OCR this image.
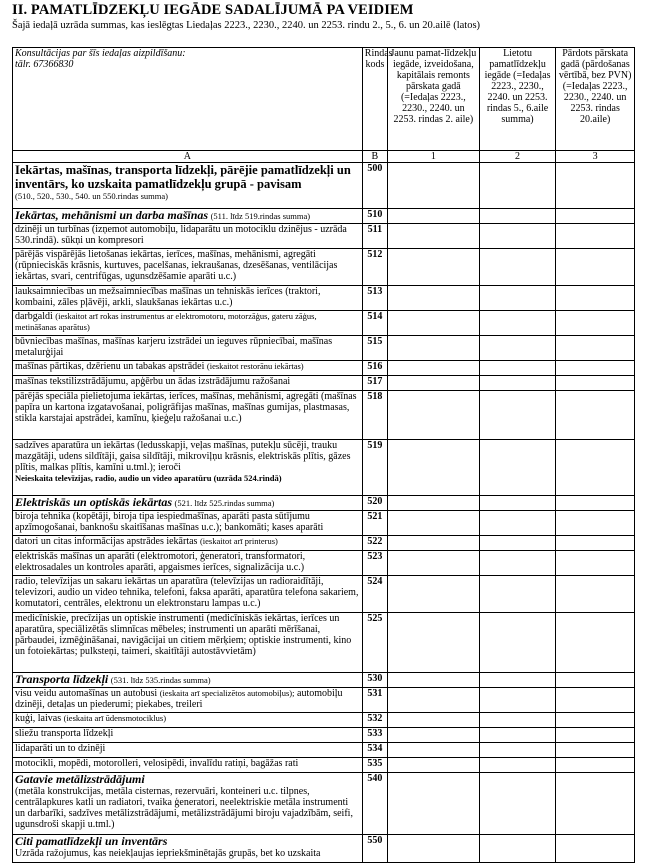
II. PAMATLĪDZEKĻU IEGĀDE SADALĪJUMĀ PA VEIDIEM
Šajā iedaļā uzrāda summas, kas ieslēgtas Liedaļas 2223., 2230., 2240. un 2253. rindu 2., 5., 6. un 20.ailē (latos)
Konsultācijas par šīs iedaļas aizpildīšanu:
tālr. 67366830	Rindas kods	Jaunu pamat-līdzekļu iegāde, izveidošana, kapitālais remonts pārskata gadā (=Iedaļas 2223., 2230., 2240. un 2253. rindas 2. aile)	Lietotu pamatlīdzekļu iegāde (=Iedaļas 2223., 2230., 2240. un 2253. rindas 5., 6.aile summa)	Pārdots pārskata gadā (pārdošanas vērtībā, bez PVN) (=Iedaļas 2223., 2230., 2240. un 2253. rindas 20.aile)
A	B	1	2	3

Iekārtas, mašīnas, transporta līdzekļi, pārējie pamatlīdzekļi un inventārs, ko uzskaita pamatlīdzekļu grupā - pavisam
(510., 520., 530., 540. un 550.rindas summa)	500			
Iekārtas, mehānismi un darba mašīnas (511. līdz 519.rindas summa)	510			
dzinēji un turbīnas (izņemot automobiļu, lidaparātu un motociklu dzinējus - uzrāda 530.rindā). sūkņi un kompresori	511			
pārējās vispārējās lietošanas iekārtas, ierīces, mašīnas, mehānismi, agregāti (rūpnieciskās krāsnis, kurtuves, pacelšanas, iekraušanas, dzesēšanas, ventilācijas iekārtas, svari, centrifūgas, ugunsdzēšamie aparāti u.c.)	512			
lauksaimniecības un mežsaimniecības mašīnas un tehniskās ierīces (traktori, kombaini, zāles pļāvēji, arkli, slaukšanas iekārtas u.c.)	513			
darbgaldi (ieskaitot arī rokas instrumentus ar elektromotoru, motorzāģus, gateru zāģus, metināšanas aparātus)	514			
būvniecības mašīnas, mašīnas karjeru izstrādei un ieguves rūpniecībai, mašīnas metalurģijai	515			
mašīnas pārtikas, dzērienu un tabakas apstrādei (ieskaitot restorānu iekārtas)	516			
mašīnas tekstilizstrādājumu, apģērbu un ādas izstrādājumu ražošanai	517			
pārējās speciāla pielietojuma iekārtas, ierīces, mašīnas, mehānismi, agregāti (mašīnas papīra un kartona izgatavošanai, poligrāfijas mašīnas, mašīnas gumijas, plastmasas, stikla karstajai apstrādei, kamīnu, ķieģeļu ražošanai u.c.)	518			

sadzīves aparatūra un iekārtas (ledusskapji, veļas mašīnas, putekļu sūcēji, trauku mazgātāji, udens sildītāji, gaisa sildītāji, mikroviļņu krāsnis, elektriskās plītis, gāzes plītis, malkas plītis, kamīni u.tml.); ieroči
Neieskaita televīzijas, radio, audio un video aparatūru (uzrāda 524.rindā)	519			
Elektriskās un optiskās iekārtas (521. līdz 525.rindas summa)	520			
biroja tehnika (kopētāji, biroja tipa iespiedmašīnas, aparāti pasta sūtījumu apzīmogošanai, banknošu skaitīšanas mašīnas u.c.); bankomāti; kases aparāti	521			
datori un citas informācijas apstrādes iekārtas (ieskaitot arī printerus)	522			
elektriskās mašīnas un aparāti (elektromotori, ģeneratori, transformatori, elektrosadales un kontroles aparāti, apgaismes ierīces, signalizācija u.c.)	523			
radio, televīzijas un sakaru iekārtas un aparatūra (televīzijas un radioraidītāji, televizori, audio un video tehnika, telefoni, faksa aparāti, aparatūra telefona sakariem, komutatori, centrāles, elektronu un elektronstaru lampas u.c.)	524			
medicīniskie, precīzijas un optiskie instrumenti (medicīniskās iekārtas, ierīces un aparatūra, speciālizētās slimnīcas mēbeles; instrumenti un aparāti mērīšanai, pārbaudei, izmēģināšanai, navigācijai un citiem mērķiem; optiskie instrumenti, kino un fotoiekārtas; pulksteņi, taimeri, skaitītāji autostāvvietām)	525			
Transporta līdzekļi (531. līdz 535.rindas summa)	530			
visu veidu automašīnas un autobusi (ieskaita arī specializētos automobiļus); automobiļu dzinēji, detaļas un piederumi; piekabes, treileri	531			
kuģi, laivas (ieskaita arī ūdensmotociklus)	532			
sliežu transporta līdzekļi	533			
lidaparāti un to dzinēji	534			
motocikli, mopēdi, motorolleri, velosipēdi, invalīdu ratiņi, bagāžas rati	535			

Gatavie metālizstrādājumi
(metāla konstrukcijas, metāla cisternas, rezervuāri, konteineri u.c. tilpnes, centrālapkures katli un radiatori, tvaika ģeneratori, neelektriskie metāla instrumenti un darbarīki, sadzīves metālizstrādājumi, metālizstrādājumi biroju vajadzībām, seifi, ugunsdroši skapji u.tml.)	540			

Citi pamatlīdzekļi un inventārs
Uzrāda ražojumus, kas neiekļaujas iepriekšminētajās grupās, bet ko uzskaita	550			
